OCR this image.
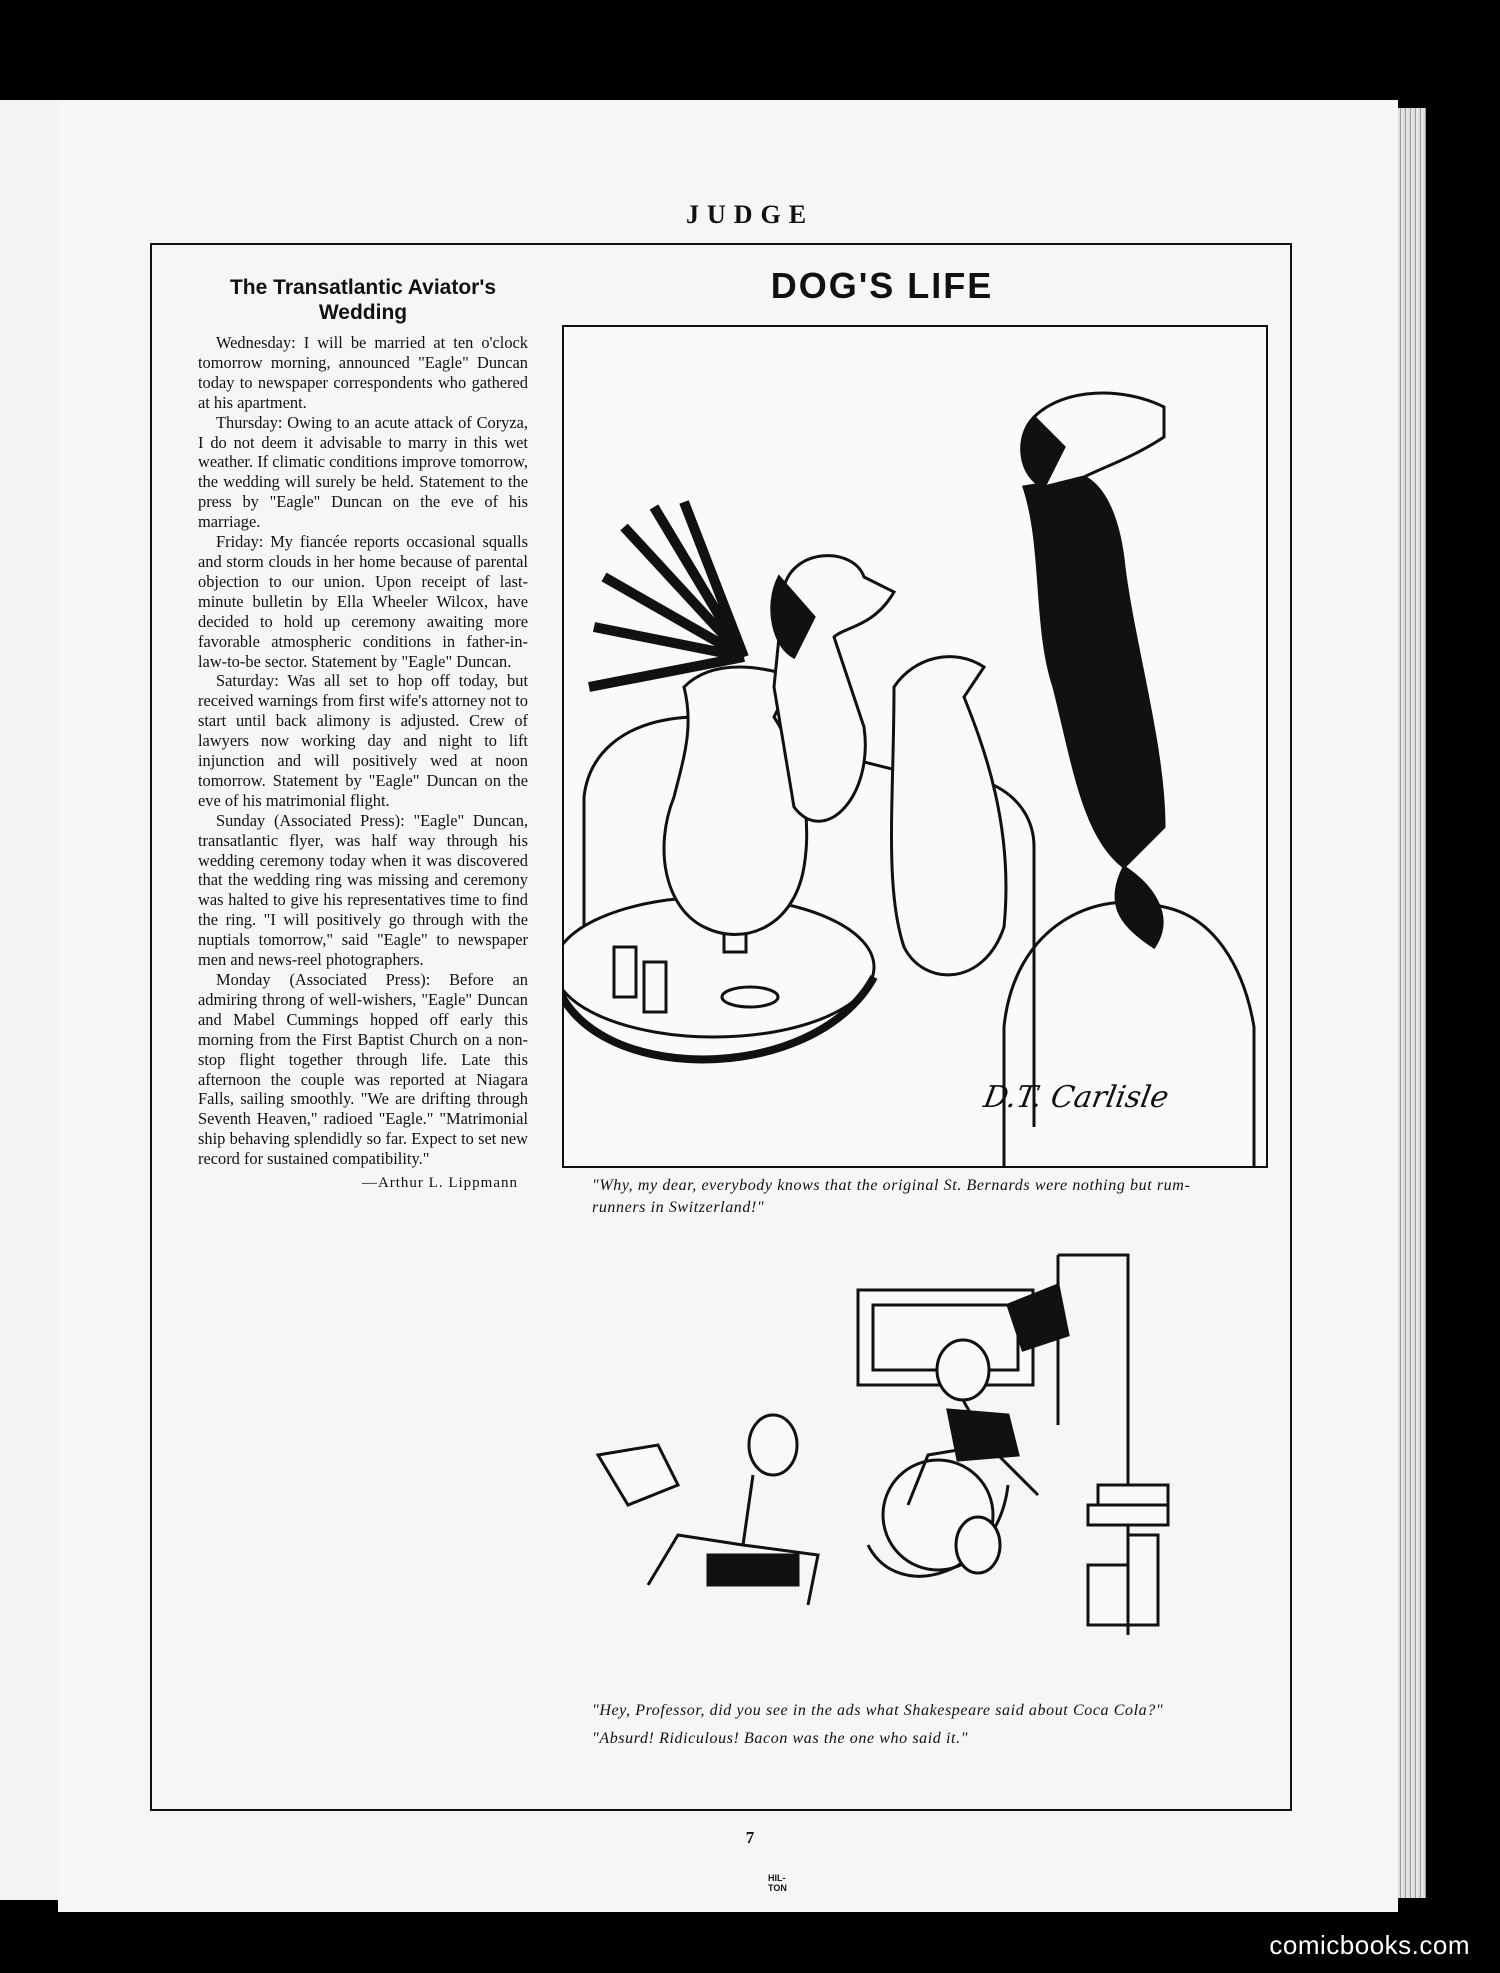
JUDGE
The Transatlantic Aviator's Wedding

Wednesday: I will be married at ten o'clock tomorrow morning, announced "Eagle" Duncan today to newspaper correspondents who gathered at his apartment.

Thursday: Owing to an acute attack of Coryza, I do not deem it advisable to marry in this wet weather. If climatic conditions improve tomorrow, the wedding will surely be held. Statement to the press by "Eagle" Duncan on the eve of his marriage.

Friday: My fiancée reports occasional squalls and storm clouds in her home because of parental objection to our union. Upon receipt of last-minute bulletin by Ella Wheeler Wilcox, have decided to hold up ceremony awaiting more favorable atmospheric conditions in father-in-law-to-be sector. Statement by "Eagle" Duncan.

Saturday: Was all set to hop off today, but received warnings from first wife's attorney not to start until back alimony is adjusted. Crew of lawyers now working day and night to lift injunction and will positively wed at noon tomorrow. Statement by "Eagle" Duncan on the eve of his matrimonial flight.

Sunday (Associated Press): "Eagle" Duncan, transatlantic flyer, was half way through his wedding ceremony today when it was discovered that the wedding ring was missing and ceremony was halted to give his representatives time to find the ring. "I will positively go through with the nuptials tomorrow," said "Eagle" to newspaper men and news-reel photographers.

Monday (Associated Press): Before an admiring throng of well-wishers, "Eagle" Duncan and Mabel Cummings hopped off early this morning from the First Baptist Church on a non-stop flight together through life. Late this afternoon the couple was reported at Niagara Falls, sailing smoothly. "We are drifting through Seventh Heaven," radioed "Eagle." "Matrimonial ship behaving splendidly so far. Expect to set new record for sustained compatibility."

—Arthur L. Lippmann
DOG'S LIFE
D.T. Carlisle
"Why, my dear, everybody knows that the original St. Bernards were nothing but rum-runners in Switzerland!"
HIL-
TON

"Hey, Professor, did you see in the ads what Shakespeare said about Coca Cola?"

"Absurd! Ridiculous! Bacon was the one who said it."

7
comicbooks.com
